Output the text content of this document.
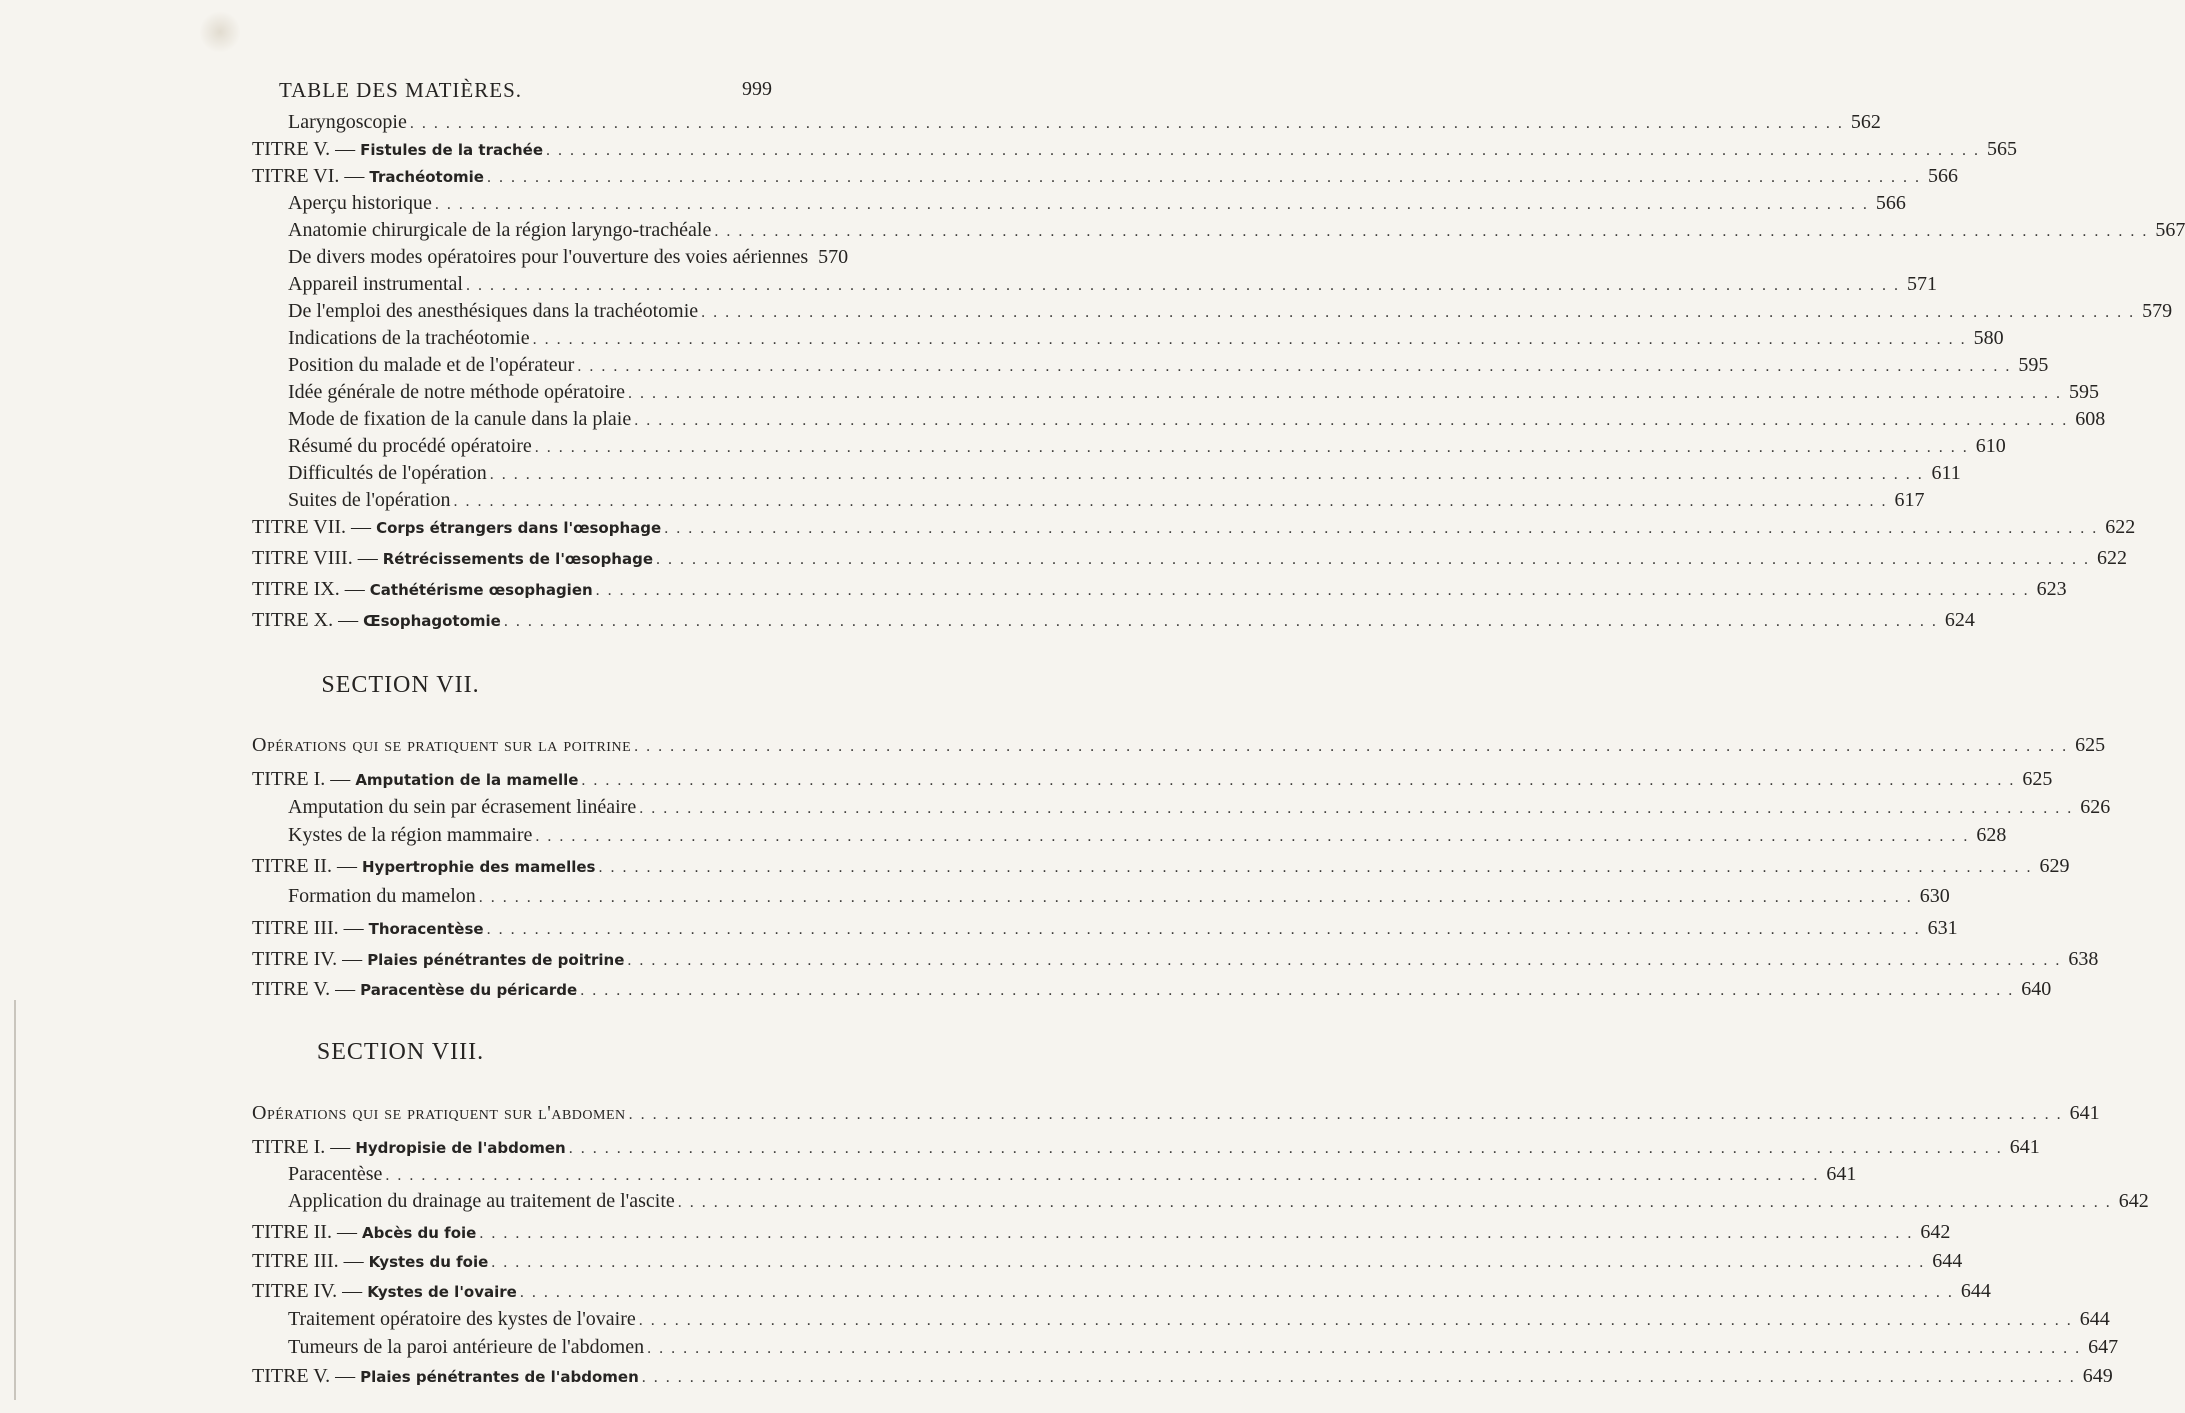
TABLE DES MATIÈRES.	999
Laryngoscopie . . . . . . . . . . . . . . . . . . . . . . . . . . . . . . . . . . . . . . . . . . . . . . . . . . . . . . . . . . . . . . . . . . . . . . . . . . . . . . . . . . . . . . . . . . . . . . . . . . . . . . . . . . . . . . . . . . . . . . . . 562
TITRE V. — Fistules de la trachée . . . . . . . . . . . . . . . . . . . . . . . . . . . . . . . . . . . . . . . . . . . . . . . . . . . . . . . . . . . . . . . . . . . . . . . . . . . . . . . . . . . . . . . . . . . . . . . . . . . . . . . . . . . . . . . . . . . . . . . . 565
TITRE VI. — Trachéotomie . . . . . . . . . . . . . . . . . . . . . . . . . . . . . . . . . . . . . . . . . . . . . . . . . . . . . . . . . . . . . . . . . . . . . . . . . . . . . . . . . . . . . . . . . . . . . . . . . . . . . . . . . . . . . . . . . . . . . . . . 566
Aperçu historique . . . . . . . . . . . . . . . . . . . . . . . . . . . . . . . . . . . . . . . . . . . . . . . . . . . . . . . . . . . . . . . . . . . . . . . . . . . . . . . . . . . . . . . . . . . . . . . . . . . . . . . . . . . . . . . . . . . . . . . . 566
Anatomie chirurgicale de la région laryngo-trachéale . . . . . . . . . . . . . . . . . . . . . . . . . . . . . . . . . . . . . . . . . . . . . . . . . . . . . . . . . . . . . . . . . . . . . . . . . . . . . . . . . . . . . . . . . . . . . . . . . . . . . . . . . . . . . . . . . . . . . . . . 567
De divers modes opératoires pour l'ouverture des voies aériennes 570
Appareil instrumental . . . . . . . . . . . . . . . . . . . . . . . . . . . . . . . . . . . . . . . . . . . . . . . . . . . . . . . . . . . . . . . . . . . . . . . . . . . . . . . . . . . . . . . . . . . . . . . . . . . . . . . . . . . . . . . . . . . . . . . . 571
De l'emploi des anesthésiques dans la trachéotomie . . . . . . . . . . . . . . . . . . . . . . . . . . . . . . . . . . . . . . . . . . . . . . . . . . . . . . . . . . . . . . . . . . . . . . . . . . . . . . . . . . . . . . . . . . . . . . . . . . . . . . . . . . . . . . . . . . . . . . . . 579
Indications de la trachéotomie . . . . . . . . . . . . . . . . . . . . . . . . . . . . . . . . . . . . . . . . . . . . . . . . . . . . . . . . . . . . . . . . . . . . . . . . . . . . . . . . . . . . . . . . . . . . . . . . . . . . . . . . . . . . . . . . . . . . . . . . 580
Position du malade et de l'opérateur . . . . . . . . . . . . . . . . . . . . . . . . . . . . . . . . . . . . . . . . . . . . . . . . . . . . . . . . . . . . . . . . . . . . . . . . . . . . . . . . . . . . . . . . . . . . . . . . . . . . . . . . . . . . . . . . . . . . . . . . 595
Idée générale de notre méthode opératoire . . . . . . . . . . . . . . . . . . . . . . . . . . . . . . . . . . . . . . . . . . . . . . . . . . . . . . . . . . . . . . . . . . . . . . . . . . . . . . . . . . . . . . . . . . . . . . . . . . . . . . . . . . . . . . . . . . . . . . . . 595
Mode de fixation de la canule dans la plaie . . . . . . . . . . . . . . . . . . . . . . . . . . . . . . . . . . . . . . . . . . . . . . . . . . . . . . . . . . . . . . . . . . . . . . . . . . . . . . . . . . . . . . . . . . . . . . . . . . . . . . . . . . . . . . . . . . . . . . . . 608
Résumé du procédé opératoire . . . . . . . . . . . . . . . . . . . . . . . . . . . . . . . . . . . . . . . . . . . . . . . . . . . . . . . . . . . . . . . . . . . . . . . . . . . . . . . . . . . . . . . . . . . . . . . . . . . . . . . . . . . . . . . . . . . . . . . . 610
Difficultés de l'opération . . . . . . . . . . . . . . . . . . . . . . . . . . . . . . . . . . . . . . . . . . . . . . . . . . . . . . . . . . . . . . . . . . . . . . . . . . . . . . . . . . . . . . . . . . . . . . . . . . . . . . . . . . . . . . . . . . . . . . . . 611
Suites de l'opération . . . . . . . . . . . . . . . . . . . . . . . . . . . . . . . . . . . . . . . . . . . . . . . . . . . . . . . . . . . . . . . . . . . . . . . . . . . . . . . . . . . . . . . . . . . . . . . . . . . . . . . . . . . . . . . . . . . . . . . . 617
TITRE VII. — Corps étrangers dans l'œsophage . . . . . . . . . . . . . . . . . . . . . . . . . . . . . . . . . . . . . . . . . . . . . . . . . . . . . . . . . . . . . . . . . . . . . . . . . . . . . . . . . . . . . . . . . . . . . . . . . . . . . . . . . . . . . . . . . . . . . . . . 622
TITRE VIII. — Rétrécissements de l'œsophage . . . . . . . . . . . . . . . . . . . . . . . . . . . . . . . . . . . . . . . . . . . . . . . . . . . . . . . . . . . . . . . . . . . . . . . . . . . . . . . . . . . . . . . . . . . . . . . . . . . . . . . . . . . . . . . . . . . . . . . . 622
TITRE IX. — Cathétérisme œsophagien . . . . . . . . . . . . . . . . . . . . . . . . . . . . . . . . . . . . . . . . . . . . . . . . . . . . . . . . . . . . . . . . . . . . . . . . . . . . . . . . . . . . . . . . . . . . . . . . . . . . . . . . . . . . . . . . . . . . . . . . 623
TITRE X. — Œsophagotomie . . . . . . . . . . . . . . . . . . . . . . . . . . . . . . . . . . . . . . . . . . . . . . . . . . . . . . . . . . . . . . . . . . . . . . . . . . . . . . . . . . . . . . . . . . . . . . . . . . . . . . . . . . . . . . . . . . . . . . . . 624
SECTION VII.
Opérations qui se pratiquent sur la poitrine . . . . . . . . . . . . . . . . . . . . . . . . . . . . . . . . . . . . . . . . . . . . . . . . . . . . . . . . . . . . . . . . . . . . . . . . . . . . . . . . . . . . . . . . . . . . . . . . . . . . . . . . . . . . . . . . . . . . . . . . 625
TITRE I. — Amputation de la mamelle . . . . . . . . . . . . . . . . . . . . . . . . . . . . . . . . . . . . . . . . . . . . . . . . . . . . . . . . . . . . . . . . . . . . . . . . . . . . . . . . . . . . . . . . . . . . . . . . . . . . . . . . . . . . . . . . . . . . . . . . 625
Amputation du sein par écrasement linéaire . . . . . . . . . . . . . . . . . . . . . . . . . . . . . . . . . . . . . . . . . . . . . . . . . . . . . . . . . . . . . . . . . . . . . . . . . . . . . . . . . . . . . . . . . . . . . . . . . . . . . . . . . . . . . . . . . . . . . . . . 626
Kystes de la région mammaire . . . . . . . . . . . . . . . . . . . . . . . . . . . . . . . . . . . . . . . . . . . . . . . . . . . . . . . . . . . . . . . . . . . . . . . . . . . . . . . . . . . . . . . . . . . . . . . . . . . . . . . . . . . . . . . . . . . . . . . . 628
TITRE II. — Hypertrophie des mamelles . . . . . . . . . . . . . . . . . . . . . . . . . . . . . . . . . . . . . . . . . . . . . . . . . . . . . . . . . . . . . . . . . . . . . . . . . . . . . . . . . . . . . . . . . . . . . . . . . . . . . . . . . . . . . . . . . . . . . . . . 629
Formation du mamelon . . . . . . . . . . . . . . . . . . . . . . . . . . . . . . . . . . . . . . . . . . . . . . . . . . . . . . . . . . . . . . . . . . . . . . . . . . . . . . . . . . . . . . . . . . . . . . . . . . . . . . . . . . . . . . . . . . . . . . . . 630
TITRE III. — Thoracentèse . . . . . . . . . . . . . . . . . . . . . . . . . . . . . . . . . . . . . . . . . . . . . . . . . . . . . . . . . . . . . . . . . . . . . . . . . . . . . . . . . . . . . . . . . . . . . . . . . . . . . . . . . . . . . . . . . . . . . . . . 631
TITRE IV. — Plaies pénétrantes de poitrine . . . . . . . . . . . . . . . . . . . . . . . . . . . . . . . . . . . . . . . . . . . . . . . . . . . . . . . . . . . . . . . . . . . . . . . . . . . . . . . . . . . . . . . . . . . . . . . . . . . . . . . . . . . . . . . . . . . . . . . . 638
TITRE V. — Paracentèse du péricarde . . . . . . . . . . . . . . . . . . . . . . . . . . . . . . . . . . . . . . . . . . . . . . . . . . . . . . . . . . . . . . . . . . . . . . . . . . . . . . . . . . . . . . . . . . . . . . . . . . . . . . . . . . . . . . . . . . . . . . . . 640
SECTION VIII.
Opérations qui se pratiquent sur l'abdomen . . . . . . . . . . . . . . . . . . . . . . . . . . . . . . . . . . . . . . . . . . . . . . . . . . . . . . . . . . . . . . . . . . . . . . . . . . . . . . . . . . . . . . . . . . . . . . . . . . . . . . . . . . . . . . . . . . . . . . . . 641
TITRE I. — Hydropisie de l'abdomen . . . . . . . . . . . . . . . . . . . . . . . . . . . . . . . . . . . . . . . . . . . . . . . . . . . . . . . . . . . . . . . . . . . . . . . . . . . . . . . . . . . . . . . . . . . . . . . . . . . . . . . . . . . . . . . . . . . . . . . . 641
Paracentèse . . . . . . . . . . . . . . . . . . . . . . . . . . . . . . . . . . . . . . . . . . . . . . . . . . . . . . . . . . . . . . . . . . . . . . . . . . . . . . . . . . . . . . . . . . . . . . . . . . . . . . . . . . . . . . . . . . . . . . . . 641
Application du drainage au traitement de l'ascite . . . . . . . . . . . . . . . . . . . . . . . . . . . . . . . . . . . . . . . . . . . . . . . . . . . . . . . . . . . . . . . . . . . . . . . . . . . . . . . . . . . . . . . . . . . . . . . . . . . . . . . . . . . . . . . . . . . . . . . . 642
TITRE II. — Abcès du foie . . . . . . . . . . . . . . . . . . . . . . . . . . . . . . . . . . . . . . . . . . . . . . . . . . . . . . . . . . . . . . . . . . . . . . . . . . . . . . . . . . . . . . . . . . . . . . . . . . . . . . . . . . . . . . . . . . . . . . . . 642
TITRE III. — Kystes du foie . . . . . . . . . . . . . . . . . . . . . . . . . . . . . . . . . . . . . . . . . . . . . . . . . . . . . . . . . . . . . . . . . . . . . . . . . . . . . . . . . . . . . . . . . . . . . . . . . . . . . . . . . . . . . . . . . . . . . . . . 644
TITRE IV. — Kystes de l'ovaire . . . . . . . . . . . . . . . . . . . . . . . . . . . . . . . . . . . . . . . . . . . . . . . . . . . . . . . . . . . . . . . . . . . . . . . . . . . . . . . . . . . . . . . . . . . . . . . . . . . . . . . . . . . . . . . . . . . . . . . . 644
Traitement opératoire des kystes de l'ovaire . . . . . . . . . . . . . . . . . . . . . . . . . . . . . . . . . . . . . . . . . . . . . . . . . . . . . . . . . . . . . . . . . . . . . . . . . . . . . . . . . . . . . . . . . . . . . . . . . . . . . . . . . . . . . . . . . . . . . . . . 644
Tumeurs de la paroi antérieure de l'abdomen . . . . . . . . . . . . . . . . . . . . . . . . . . . . . . . . . . . . . . . . . . . . . . . . . . . . . . . . . . . . . . . . . . . . . . . . . . . . . . . . . . . . . . . . . . . . . . . . . . . . . . . . . . . . . . . . . . . . . . . . 647
TITRE V. — Plaies pénétrantes de l'abdomen . . . . . . . . . . . . . . . . . . . . . . . . . . . . . . . . . . . . . . . . . . . . . . . . . . . . . . . . . . . . . . . . . . . . . . . . . . . . . . . . . . . . . . . . . . . . . . . . . . . . . . . . . . . . . . . . . . . . . . . . 649
